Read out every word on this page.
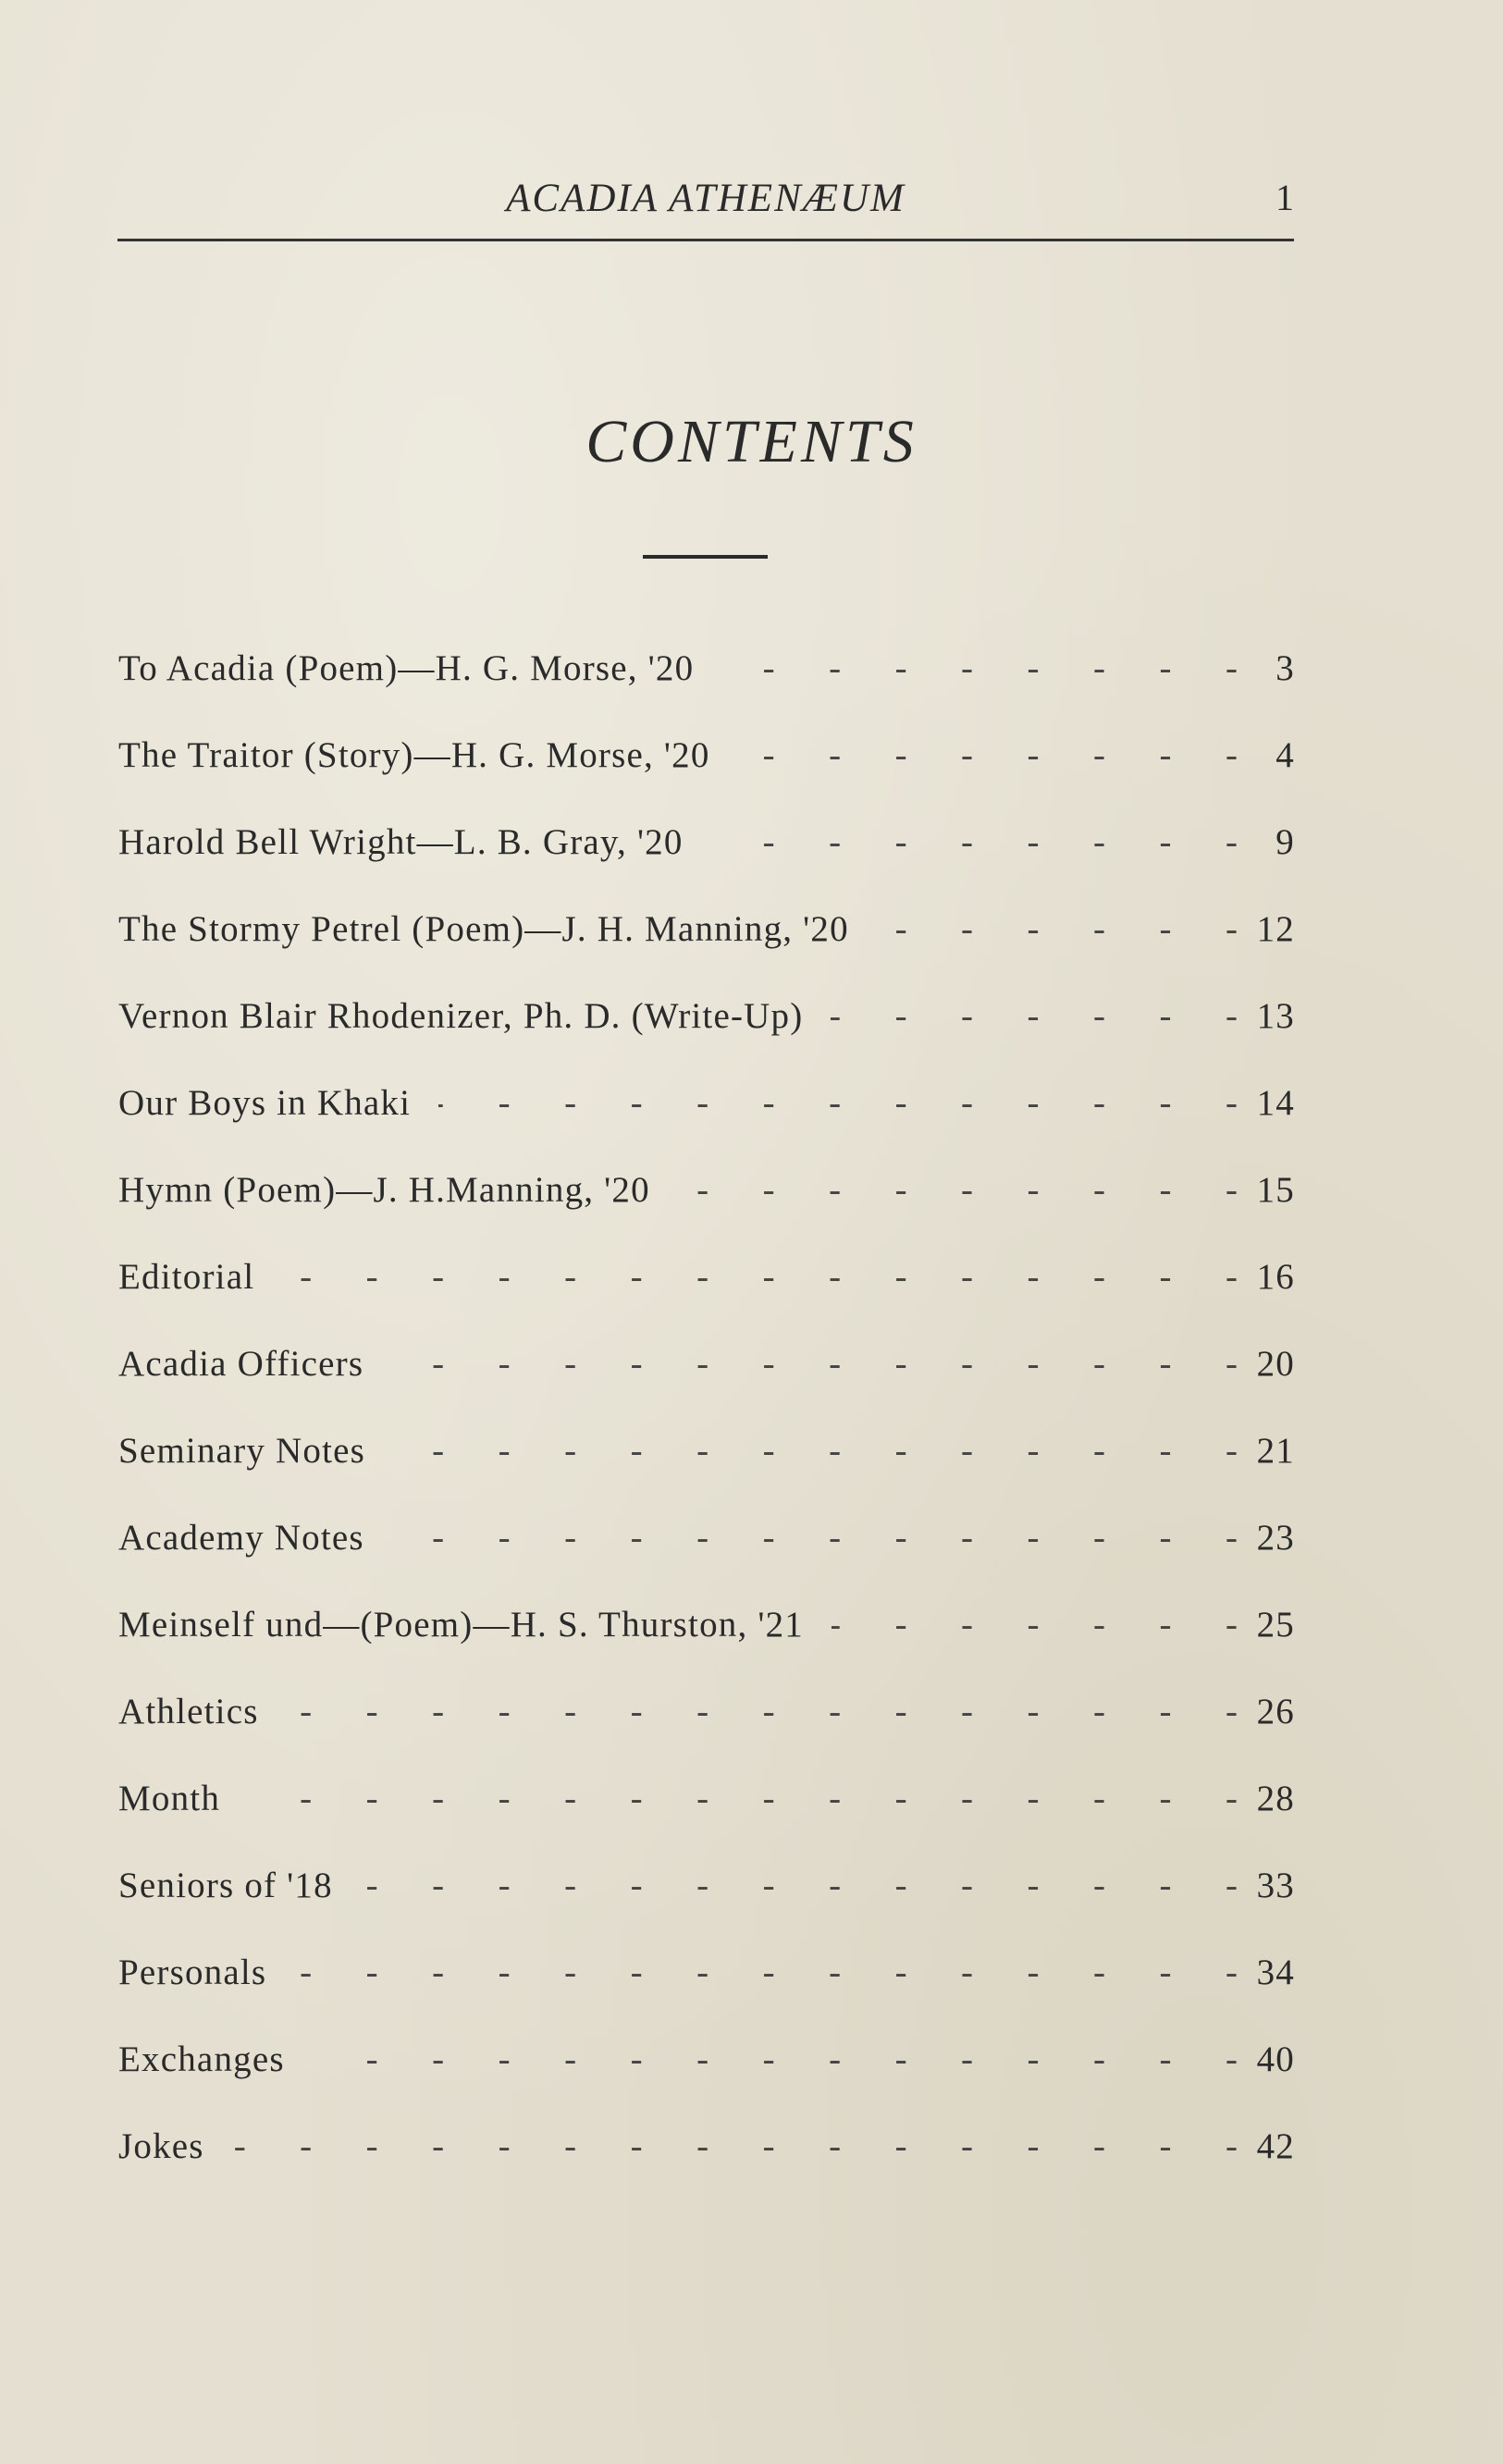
ACADIA ATHENÆUM	1
CONTENTS
To Acadia (Poem)—H. G. Morse, '20 -	3
The Traitor (Story)—H. G. Morse, '20 -	4
Harold Bell Wright—L. B. Gray, '20 -	9
The Stormy Petrel (Poem)—J. H. Manning, '20 -	12
Vernon Blair Rhodenizer, Ph. D. (Write-Up) -	13
Our Boys in Khaki -	14
Hymn (Poem)—J. H.Manning, '20 -	15
Editorial -	16
Acadia Officers -	20
Seminary Notes -	21
Academy Notes -	23
Meinself und—(Poem)—H. S. Thurston, '21 -	25
Athletics -	26
Month -	28
Seniors of '18 -	33
Personals -	34
Exchanges -	40
Jokes -	42
